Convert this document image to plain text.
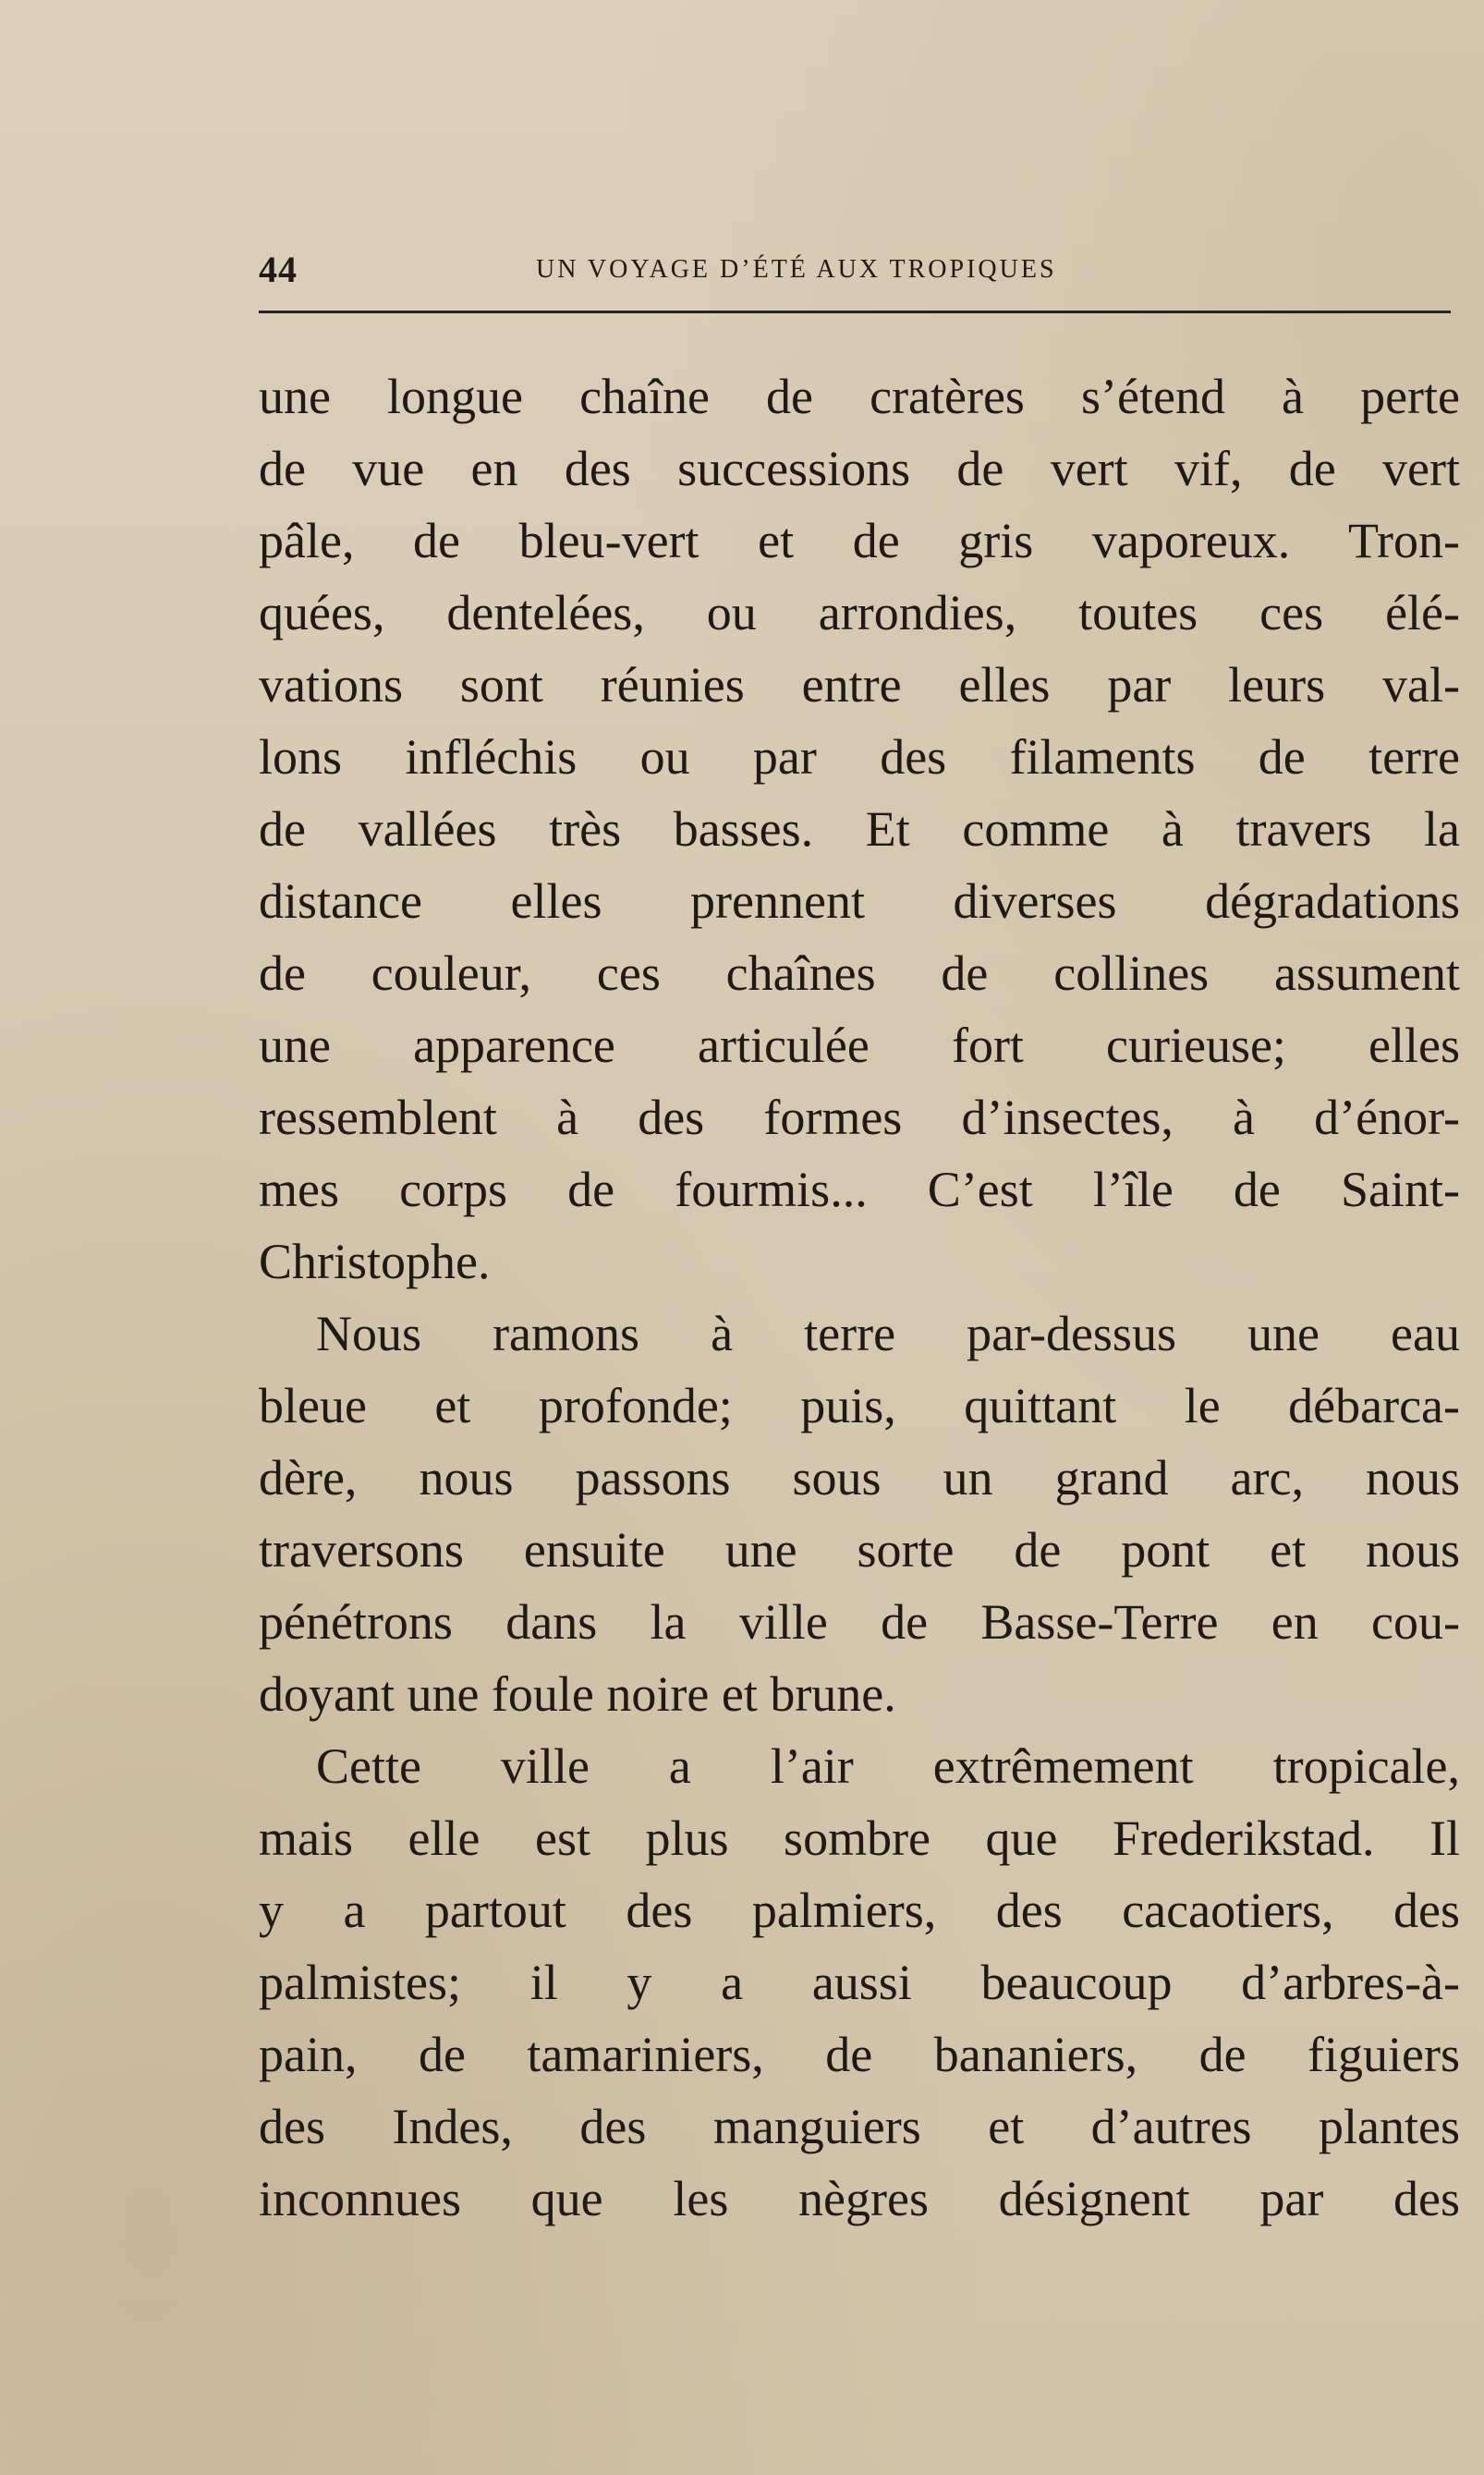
44	UN VOYAGE D’ÉTÉ AUX TROPIQUES
une longue chaîne de cratères s’étend à perte
de vue en des successions de vert vif, de vert
pâle, de bleu-vert et de gris vaporeux. Tron-
quées, dentelées, ou arrondies, toutes ces élé-
vations sont réunies entre elles par leurs val-
lons infléchis ou par des filaments de terre
de vallées très basses. Et comme à travers la
distance elles prennent diverses dégradations
de couleur, ces chaînes de collines assument
une apparence articulée fort curieuse; elles
ressemblent à des formes d’insectes, à d’énor-
mes corps de fourmis... C’est l’île de Saint-
Christophe.
Nous ramons à terre par-dessus une eau
bleue et profonde; puis, quittant le débarca-
dère, nous passons sous un grand arc, nous
traversons ensuite une sorte de pont et nous
pénétrons dans la ville de Basse-Terre en cou-
doyant une foule noire et brune.
Cette ville a l’air extrêmement tropicale,
mais elle est plus sombre que Frederikstad. Il
y a partout des palmiers, des cacaotiers, des
palmistes; il y a aussi beaucoup d’arbres-à-
pain, de tamariniers, de bananiers, de figuiers
des Indes, des manguiers et d’autres plantes
inconnues que les nègres désignent par des
